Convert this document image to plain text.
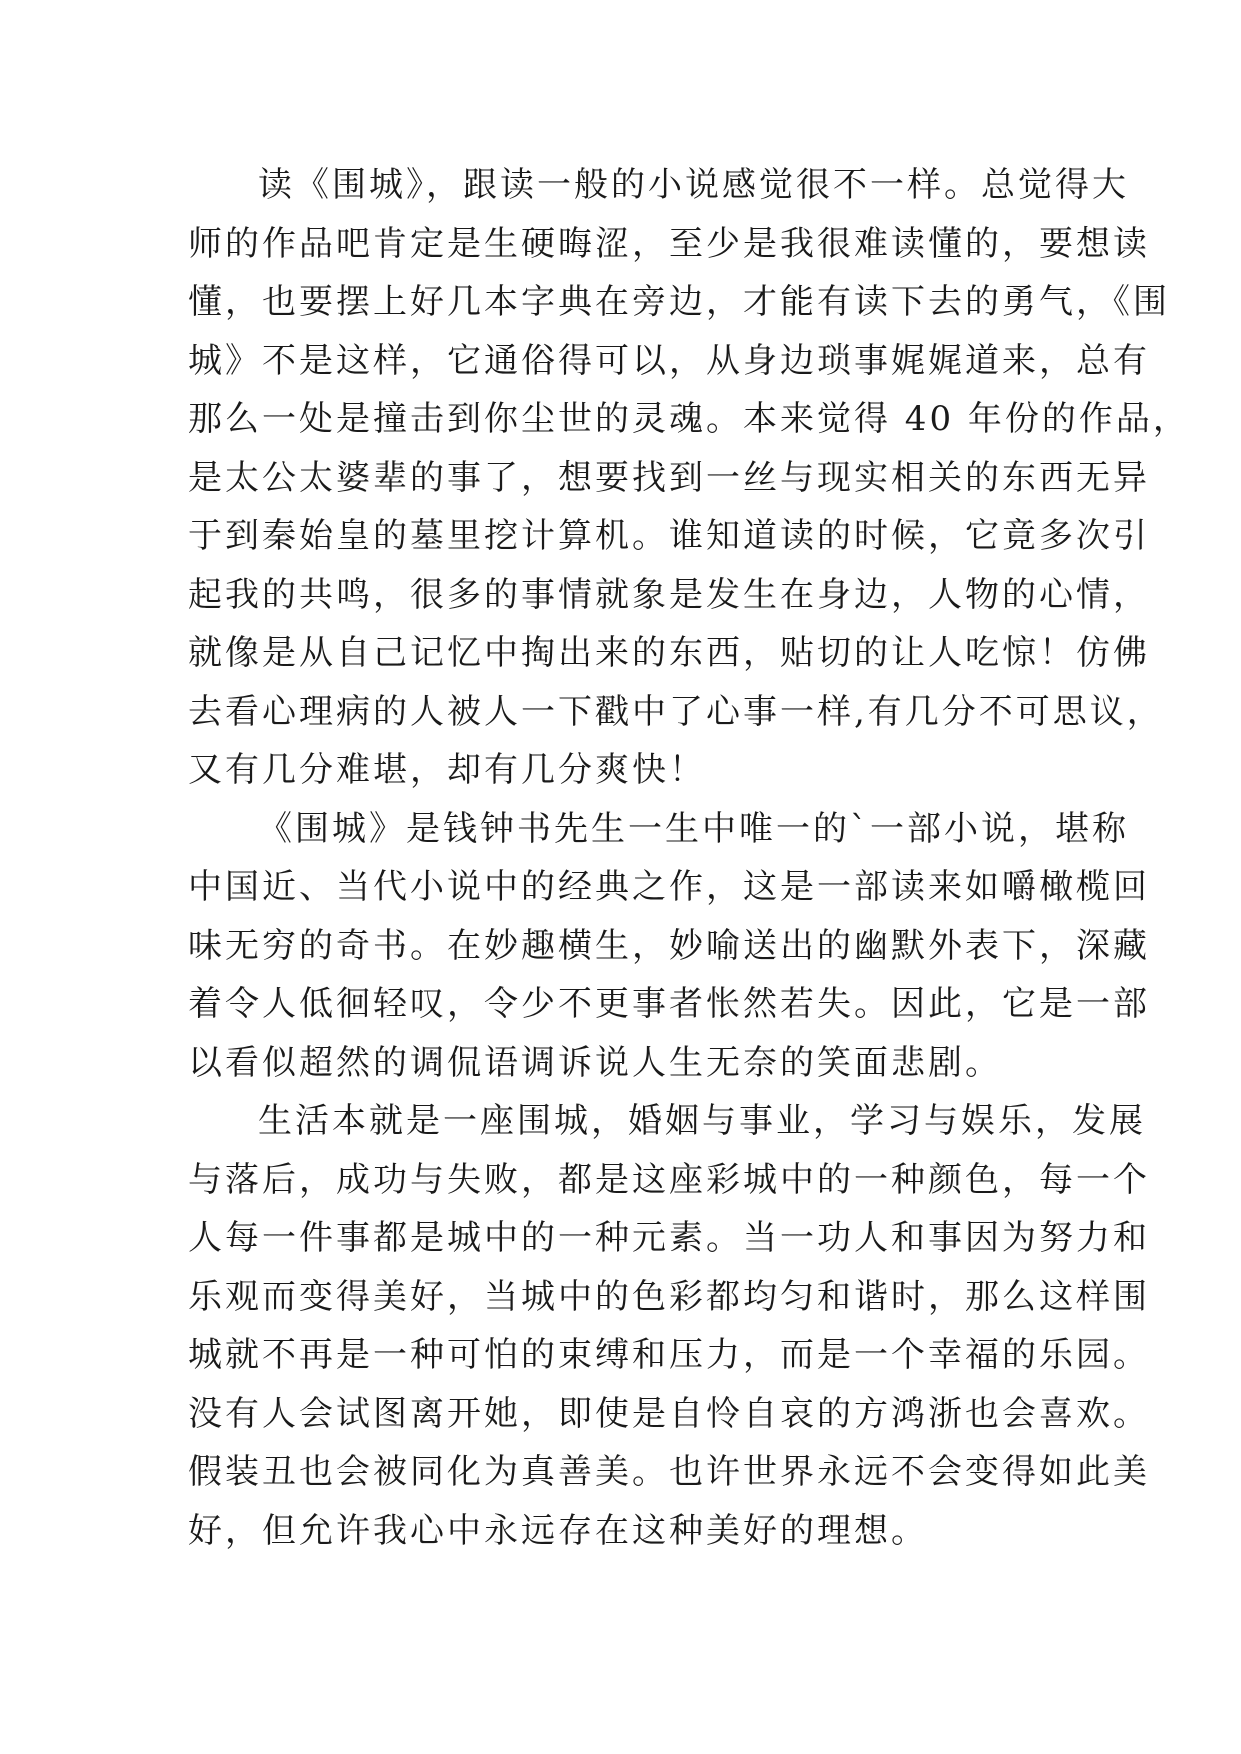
读《围城》，跟读一般的小说感觉很不一样。总觉得大
师的作品吧肯定是生硬晦涩，至少是我很难读懂的，要想读
懂，也要摆上好几本字典在旁边，才能有读下去的勇气，《围
城》不是这样，它通俗得可以，从身边琐事娓娓道来，总有
那么一处是撞击到你尘世的灵魂。本来觉得 40 年份的作品，
是太公太婆辈的事了，想要找到一丝与现实相关的东西无异
于到秦始皇的墓里挖计算机。谁知道读的时候，它竟多次引
起我的共鸣，很多的事情就象是发生在身边，人物的心情，
就像是从自己记忆中掏出来的东西，贴切的让人吃惊！仿佛
去看心理病的人被人一下戳中了心事一样,有几分不可思议，
又有几分难堪，却有几分爽快！
《围城》是钱钟书先生一生中唯一的`一部小说，堪称
中国近、当代小说中的经典之作，这是一部读来如嚼橄榄回
味无穷的奇书。在妙趣横生，妙喻送出的幽默外表下，深藏
着令人低徊轻叹，令少不更事者怅然若失。因此，它是一部
以看似超然的调侃语调诉说人生无奈的笑面悲剧。
生活本就是一座围城，婚姻与事业，学习与娱乐，发展
与落后，成功与失败，都是这座彩城中的一种颜色，每一个
人每一件事都是城中的一种元素。当一功人和事因为努力和
乐观而变得美好，当城中的色彩都均匀和谐时，那么这样围
城就不再是一种可怕的束缚和压力，而是一个幸福的乐园。
没有人会试图离开她，即使是自怜自哀的方鸿浙也会喜欢。
假装丑也会被同化为真善美。也许世界永远不会变得如此美
好，但允许我心中永远存在这种美好的理想。
